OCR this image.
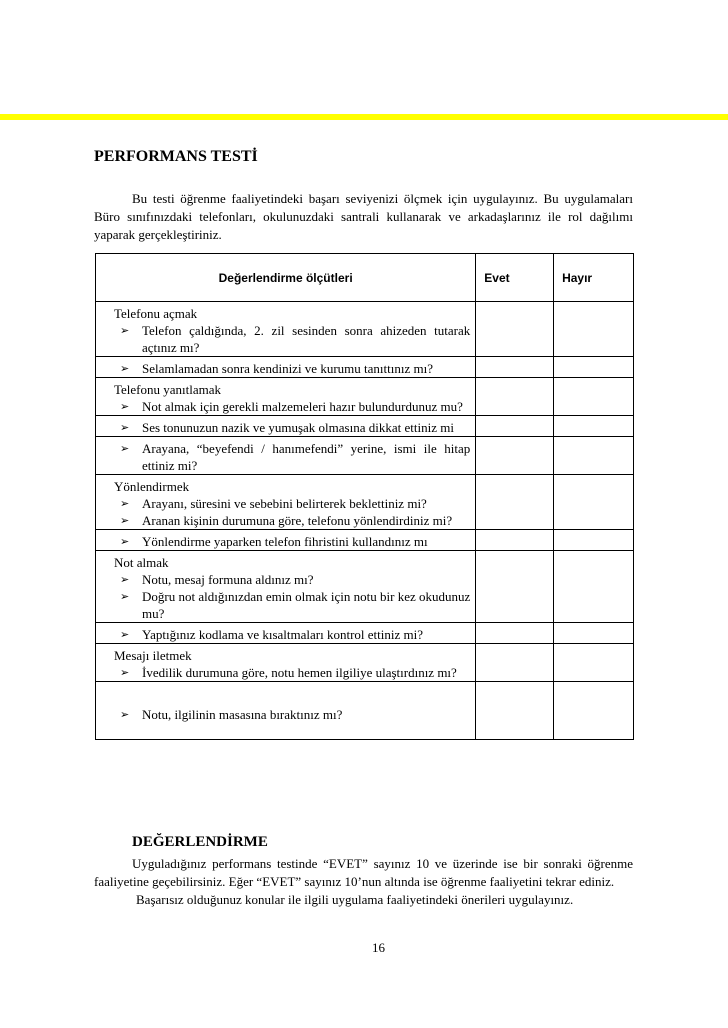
PERFORMANS TESTİ

Bu testi öğrenme faaliyetindeki başarı seviyenizi ölçmek için uygulayınız. Bu uygulamaları Büro sınıfınızdaki telefonları, okulunuzdaki santrali kullanarak ve arkadaşlarınız ile rol dağılımı yaparak gerçekleştiriniz.

Değerlendirme ölçütleri	Evet	Hayır

Telefonu açmak
➢ Telefon çaldığında, 2. zil sesinden sonra ahizeden tutarak açtınız mı?		

➢ Selamlamadan sonra kendinizi ve kurumu tanıttınız mı?		

Telefonu yanıtlamak
➢ Not almak için gerekli malzemeleri hazır bulundurdunuz mu?		

➢ Ses tonunuzun nazik ve yumuşak olmasına dikkat ettiniz mi		

➢ Arayana, “beyefendi / hanımefendi” yerine, ismi ile hitap ettiniz mi?		

Yönlendirmek
➢ Arayanı, süresini ve sebebini belirterek beklettiniz mi?
➢ Aranan kişinin durumuna göre, telefonu yönlendirdiniz mi?		

➢ Yönlendirme yaparken telefon fihristini kullandınız mı		

Not almak
➢ Notu, mesaj formuna aldınız mı?
➢ Doğru not aldığınızdan emin olmak için notu bir kez okudunuz mu?		

➢ Yaptığınız kodlama ve kısaltmaları kontrol ettiniz mi?		

Mesajı iletmek
➢ İvedilik durumuna göre, notu hemen ilgiliye ulaştırdınız mı?		

➢ Notu, ilgilinin masasına bıraktınız mı?		

DEĞERLENDİRME

Uyguladığınız performans testinde “EVET” sayınız 10 ve üzerinde ise bir sonraki öğrenme faaliyetine geçebilirsiniz. Eğer “EVET” sayınız 10’nun altında ise öğrenme faaliyetini tekrar ediniz.

Başarısız olduğunuz konular ile ilgili uygulama faaliyetindeki önerileri uygulayınız.

16
